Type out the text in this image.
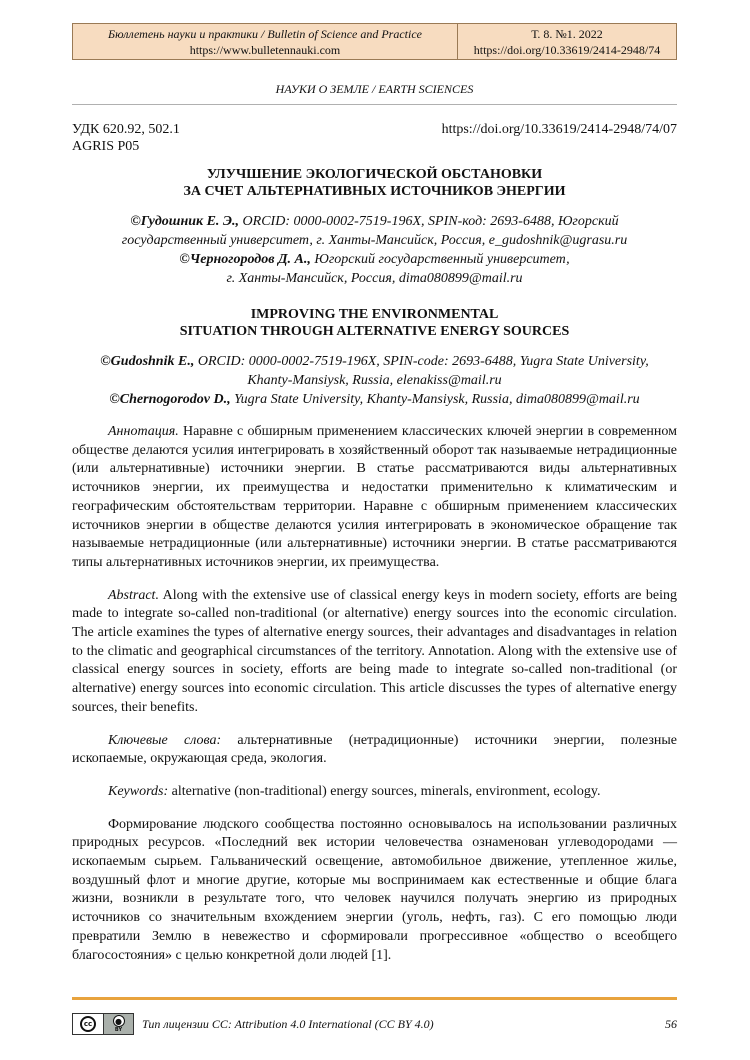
Бюллетень науки и практики / Bulletin of Science and Practice
https://www.bulletennauki.com
Т. 8. №1. 2022
https://doi.org/10.33619/2414-2948/74
НАУКИ О ЗЕМЛЕ / EARTH SCIENCES
УДК 620.92, 502.1	https://doi.org/10.33619/2414-2948/74/07
AGRIS P05
УЛУЧШЕНИЕ ЭКОЛОГИЧЕСКОЙ ОБСТАНОВКИ
ЗА СЧЕТ АЛЬТЕРНАТИВНЫХ ИСТОЧНИКОВ ЭНЕРГИИ
©Гудошник Е. Э., ORCID: 0000-0002-7519-196X, SPIN-код: 2693-6488, Югорский
государственный университет, г. Ханты-Мансийск, Россия, e_gudoshnik@ugrasu.ru
©Черногородов Д. А., Югорский государственный университет,
г. Ханты-Мансийск, Россия, dima080899@mail.ru
IMPROVING THE ENVIRONMENTAL
SITUATION THROUGH ALTERNATIVE ENERGY SOURCES
©Gudoshnik E., ORCID: 0000-0002-7519-196X, SPIN-code: 2693-6488, Yugra State University,
Khanty-Mansiysk, Russia, elenakiss@mail.ru
©Chernogorodov D., Yugra State University, Khanty-Mansiysk, Russia, dima080899@mail.ru

Аннотация. Наравне с обширным применением классических ключей энергии в современном обществе делаются усилия интегрировать в хозяйственный оборот так называемые нетрадиционные (или альтернативные) источники энергии. В статье рассматриваются виды альтернативных источников энергии, их преимущества и недостатки применительно к климатическим и географическим обстоятельствам территории. Наравне с обширным применением классических источников энергии в обществе делаются усилия интегрировать в экономическое обращение так называемые нетрадиционные (или альтернативные) источники энергии. В статье рассматриваются типы альтернативных источников энергии, их преимущества.

Abstract. Along with the extensive use of classical energy keys in modern society, efforts are being made to integrate so-called non-traditional (or alternative) energy sources into the economic circulation. The article examines the types of alternative energy sources, their advantages and disadvantages in relation to the climatic and geographical circumstances of the territory. Annotation. Along with the extensive use of classical energy sources in society, efforts are being made to integrate so-called non-traditional (or alternative) energy sources into economic circulation. This article discusses the types of alternative energy sources, their benefits.

Ключевые слова: альтернативные (нетрадиционные) источники энергии, полезные ископаемые, окружающая среда, экология.

Keywords: alternative (non-traditional) energy sources, minerals, environment, ecology.

Формирование людского сообщества постоянно основывалось на использовании различных природных ресурсов. «Последний век истории человечества ознаменован углеводородами — ископаемым сырьем. Гальванический освещение, автомобильное движение, утепленное жилье, воздушный флот и многие другие, которые мы воспринимаем как естественные и общие блага жизни, возникли в результате того, что человек научился получать энергию из природных источников со значительным вхождением энергии (уголь, нефть, газ). С его помощью люди превратили Землю в невежество и сформировали прогрессивное «общество о всеобщего благосостояния» с целью конкретной доли людей [1].

cc	●
BY Тип лицензии CC: Attribution 4.0 International (CC BY 4.0)	56
